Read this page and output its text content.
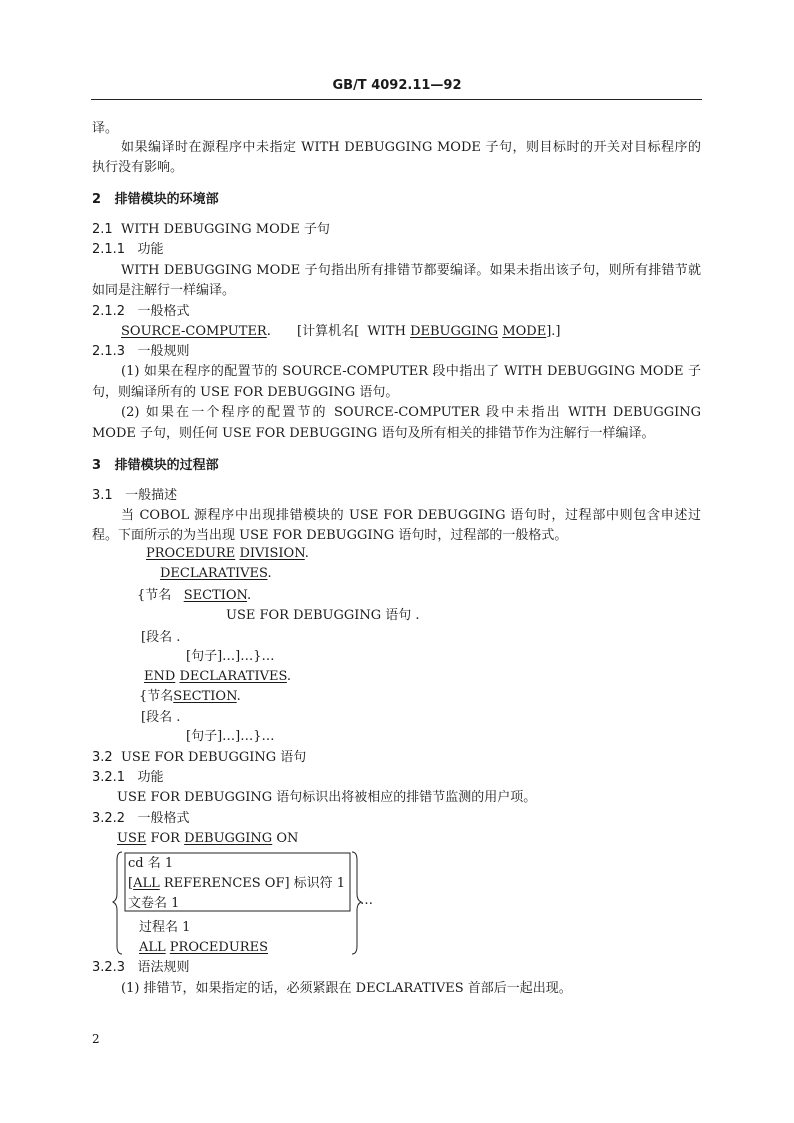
GB/T 4092.11—92
译。
如果编译时在源程序中未指定 WITH DEBUGGING MODE 子句，则目标时的开关对目标程序的
执行没有影响。
2 排错模块的环境部
2.1 WITH DEBUGGING MODE 子句
2.1.1 功能
WITH DEBUGGING MODE 子句指出所有排错节都要编译。如果未指出该子句，则所有排错节就
如同是注解行一样编译。
2.1.2 一般格式
SOURCE-COMPUTER. [计算机名[ WITH DEBUGGING MODE].]
2.1.3 一般规则
(1) 如果在程序的配置节的 SOURCE-COMPUTER 段中指出了 WITH DEBUGGING MODE 子
句，则编译所有的 USE FOR DEBUGGING 语句。
(2) 如果在一个程序的配置节的 SOURCE-COMPUTER 段中未指出 WITH DEBUGGING
MODE 子句，则任何 USE FOR DEBUGGING 语句及所有相关的排错节作为注解行一样编译。
3 排错模块的过程部
3.1 一般描述
当 COBOL 源程序中出现排错模块的 USE FOR DEBUGGING 语句时，过程部中则包含申述过
程。下面所示的为当出现 USE FOR DEBUGGING 语句时，过程部的一般格式。
PROCEDURE DIVISION.
DECLARATIVES.
{节名 SECTION.
USE FOR DEBUGGING 语句 .
[段名 .
[句子]…]…}…
END DECLARATIVES.
{节名SECTION.
[段名 .
[句子]…]…}…
3.2 USE FOR DEBUGGING 语句
3.2.1 功能
USE FOR DEBUGGING 语句标识出将被相应的排错节监测的用户项。
3.2.2 一般格式
USE FOR DEBUGGING ON
cd 名 1
[ALL REFERENCES OF] 标识符 1
文卷名 1	…
过程名 1
ALL PROCEDURES
3.2.3 语法规则
(1) 排错节，如果指定的话，必须紧跟在 DECLARATIVES 首部后一起出现。
2
